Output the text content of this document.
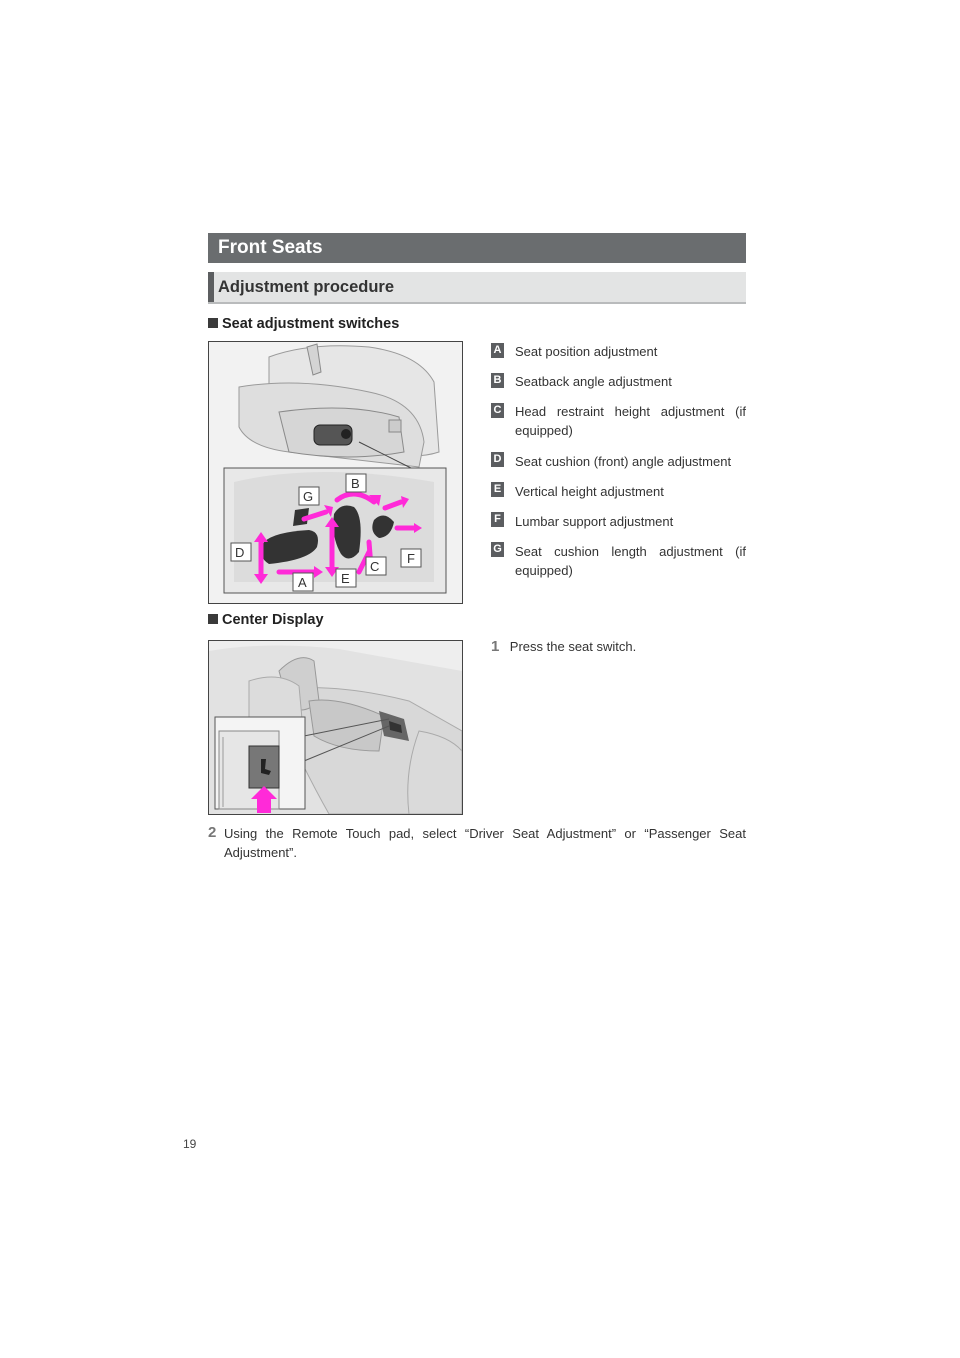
Front Seats
Adjustment procedure
Seat adjustment switches
B
G
D	F
C
E
A
A Seat position adjustment
B Seatback angle adjustment
C Head restraint height adjustment (if equipped)
D Seat cushion (front) angle adjustment
E Vertical height adjustment
F Lumbar support adjustment
G Seat cushion length adjustment (if equipped)
Center Display
1 Press the seat switch.
2 Using the Remote Touch pad, select “Driver Seat Adjustment” or “Passenger Seat Adjustment”.
19
